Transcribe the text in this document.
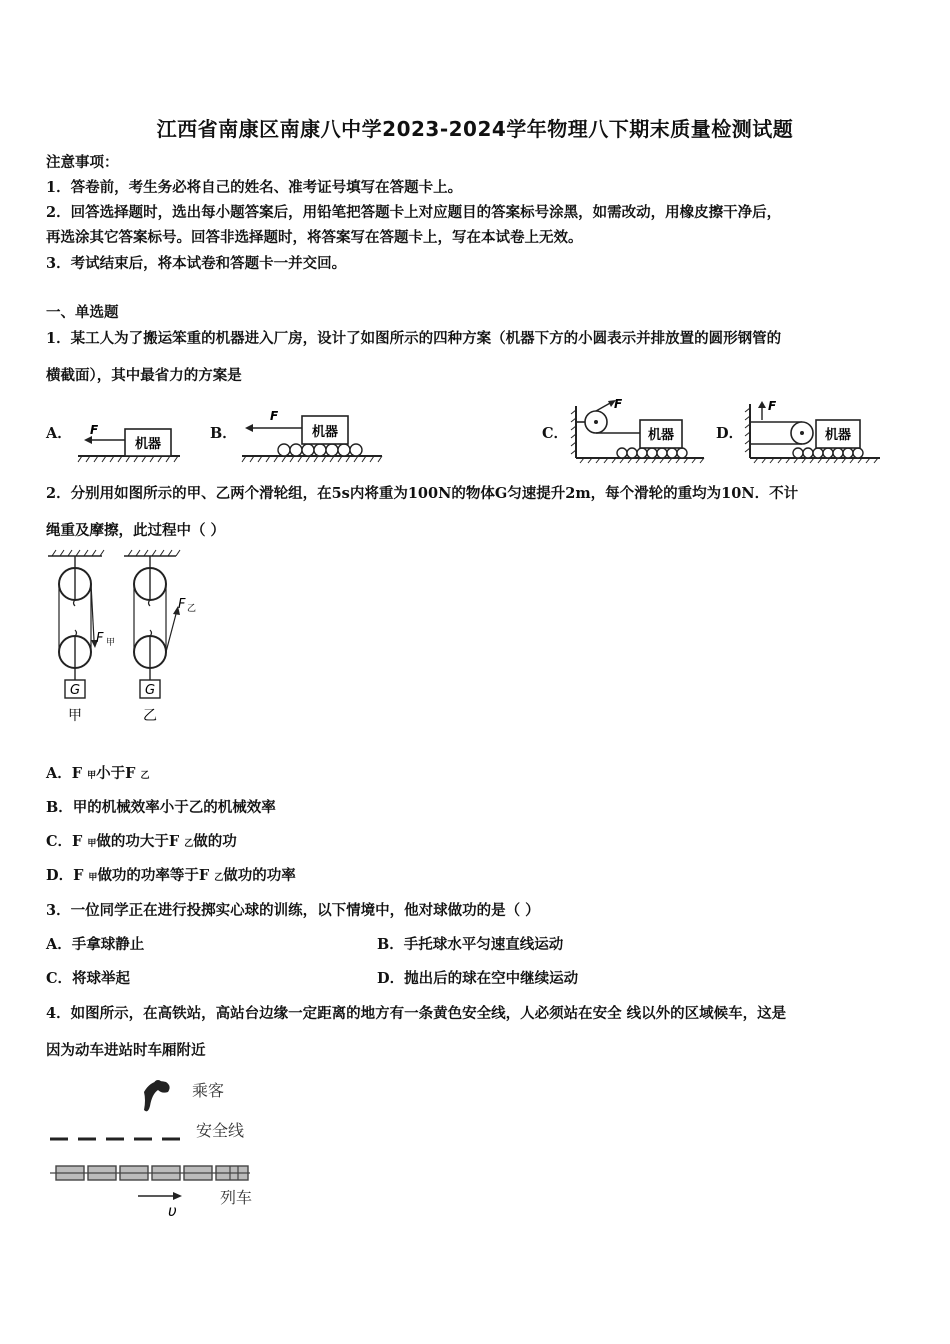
江西省南康区南康八中学2023-2024学年物理八下期末质量检测试题
注意事项：
1．答卷前，考生务必将自己的姓名、准考证号填写在答题卡上。
2．回答选择题时，选出每小题答案后，用铅笔把答题卡上对应题目的答案标号涂黑，如需改动，用橡皮擦干净后，
再选涂其它答案标号。回答非选择题时，将答案写在答题卡上，写在本试卷上无效。
3．考试结束后，将本试卷和答题卡一并交回。
一、单选题
1．某工人为了搬运笨重的机器进入厂房，设计了如图所示的四种方案（机器下方的小圆表示并排放置的圆形钢管的
横截面），其中最省力的方案是
A．	B．	C．	D．
机器
F	机器
F
F
机器
F
机器
2．分别用如图所示的甲、乙两个滑轮组，在5s内将重为100N的物体G匀速提升2m，每个滑轮的重均为10N．不计
绳重及摩擦，此过程中（ ）
F 甲
G
甲
F 乙
G
乙
A．F 甲小于F 乙
B．甲的机械效率小于乙的机械效率
C．F 甲做的功大于F 乙做的功
D．F 甲做功的功率等于F 乙做功的功率
3．一位同学正在进行投掷实心球的训练，以下情境中，他对球做功的是（ ）
A．手拿球静止	B．手托球水平匀速直线运动
C．将球举起	D．抛出后的球在空中继续运动
4．如图所示，在高铁站，高站台边缘一定距离的地方有一条黄色安全线，人必须站在安全 线以外的区域候车，这是
因为动车进站时车厢附近
乘客
安全线
υ
列车
